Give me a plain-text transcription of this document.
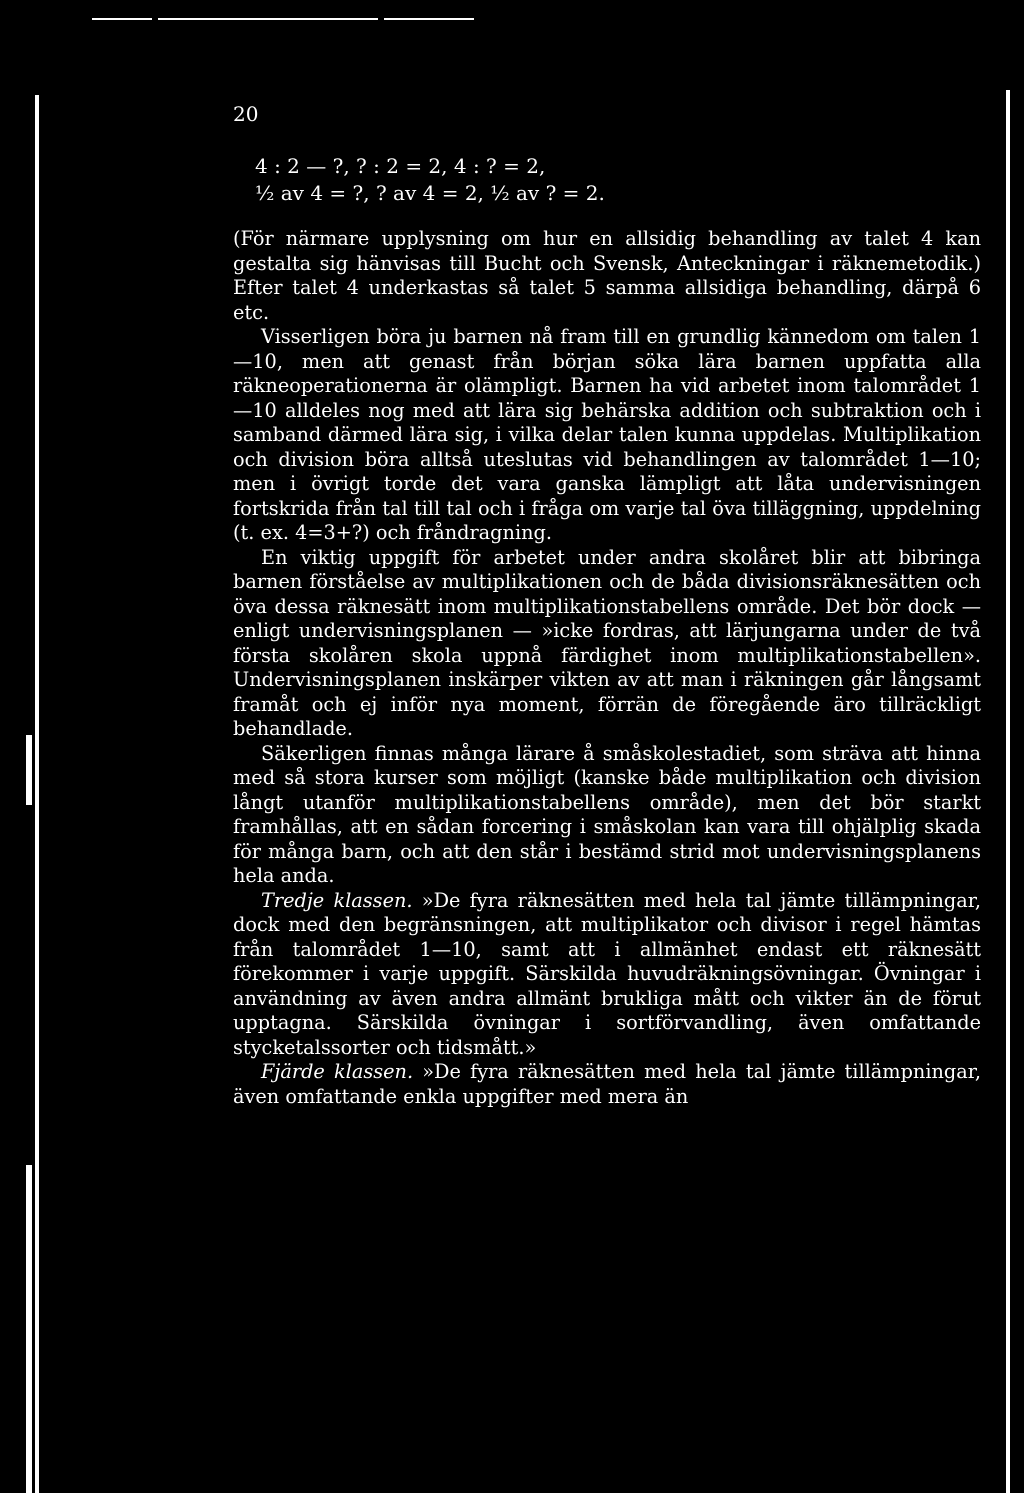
20
4 : 2 — ?, ? : 2 = 2, 4 : ? = 2,
½ av 4 = ?, ? av 4 = 2, ½ av ? = 2.

(För närmare upplysning om hur en allsidig behandling av talet 4 kan gestalta sig hänvisas till Bucht och Svensk, Anteckningar i räknemetodik.) Efter talet 4 underkastas så talet 5 samma allsidiga behandling, därpå 6 etc.

Visserligen böra ju barnen nå fram till en grundlig kännedom om talen 1—10, men att genast från början söka lära barnen uppfatta alla räkneoperationerna är olämpligt. Barnen ha vid arbetet inom talområdet 1—10 alldeles nog med att lära sig behärska addition och subtraktion och i samband därmed lära sig, i vilka delar talen kunna uppdelas. Multiplikation och division böra alltså uteslutas vid behandlingen av talområdet 1—10; men i övrigt torde det vara ganska lämpligt att låta undervisningen fortskrida från tal till tal och i fråga om varje tal öva tilläggning, uppdelning (t. ex. 4=3+?) och fråndragning.

En viktig uppgift för arbetet under andra skolåret blir att bibringa barnen förståelse av multiplikationen och de båda divisionsräknesätten och öva dessa räknesätt inom multiplikationstabellens område. Det bör dock — enligt undervisningsplanen — »icke fordras, att lärjungarna under de två första skolåren skola uppnå färdighet inom multiplikationstabellen». Undervisningsplanen inskärper vikten av att man i räkningen går långsamt framåt och ej inför nya moment, förrän de föregående äro tillräckligt behandlade.

Säkerligen finnas många lärare å småskolestadiet, som sträva att hinna med så stora kurser som möjligt (kanske både multiplikation och division långt utanför multiplikationstabellens område), men det bör starkt framhållas, att en sådan forcering i småskolan kan vara till ohjälplig skada för många barn, och att den står i bestämd strid mot undervisningsplanens hela anda.

Tredje klassen. »De fyra räknesätten med hela tal jämte tillämpningar, dock med den begränsningen, att multiplikator och divisor i regel hämtas från talområdet 1—10, samt att i allmänhet endast ett räknesätt förekommer i varje uppgift. Särskilda huvudräkningsövningar. Övningar i användning av även andra allmänt brukliga mått och vikter än de förut upptagna. Särskilda övningar i sortförvandling, även omfattande stycketalssorter och tidsmått.»

Fjärde klassen. »De fyra räknesätten med hela tal jämte tillämpningar, även omfattande enkla uppgifter med mera än
